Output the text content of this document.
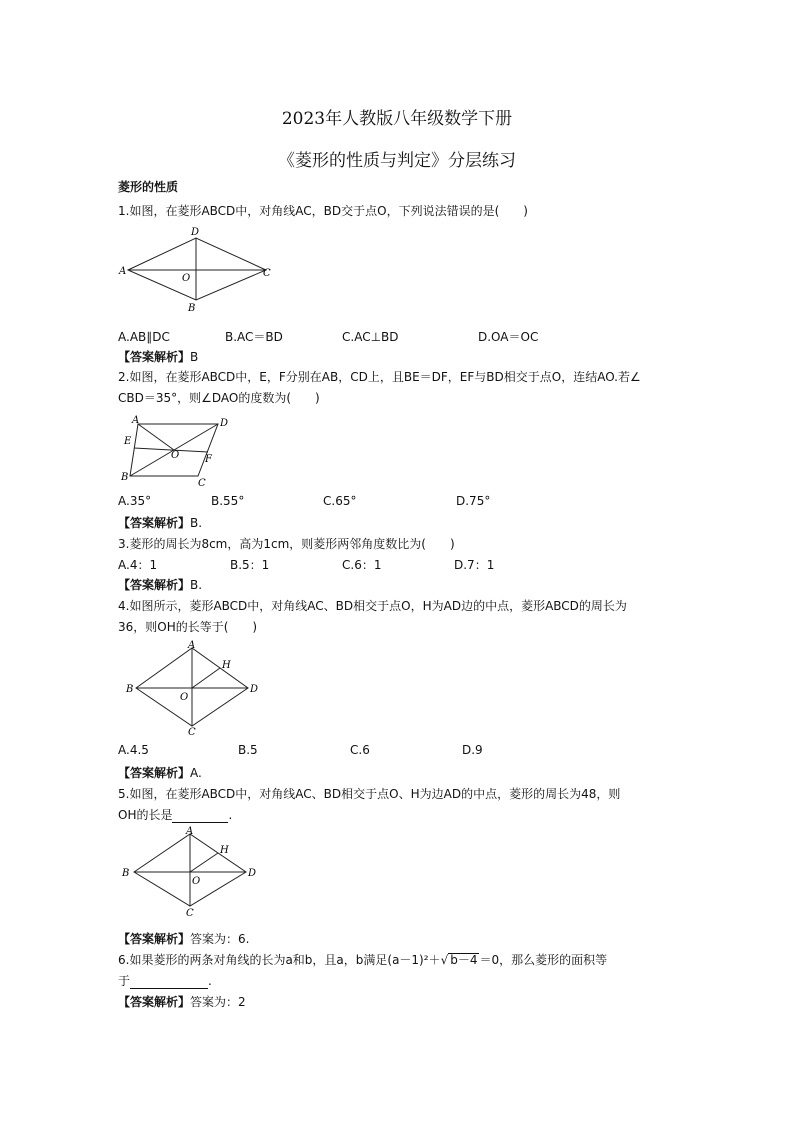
2023年人教版八年级数学下册
《菱形的性质与判定》分层练习
菱形的性质
1.如图，在菱形ABCD中，对角线AC，BD交于点O，下列说法错误的是(　　)
D
A	C
O
B
A.AB∥DC	B.AC＝BD	C.AC⊥BD	D.OA＝OC
【答案解析】B
2.如图，在菱形ABCD中，E，F分别在AB，CD上，且BE＝DF，EF与BD相交于点O，连结AO.若∠
CBD＝35°，则∠DAO的度数为(　　)
A	D
E
O	F
B
C
A.35°	B.55°	C.65°	D.75°
【答案解析】B.
3.菱形的周长为8cm，高为1cm，则菱形两邻角度数比为(　　)
A.4：1	B.5：1	C.6：1	D.7：1
【答案解析】B.
4.如图所示，菱形ABCD中，对角线AC、BD相交于点O，H为AD边的中点，菱形ABCD的周长为
36，则OH的长等于(　　)
A
H
B	D
O
C
A.4.5	B.5	C.6	D.9
【答案解析】A.
5.如图，在菱形ABCD中，对角线AC、BD相交于点O、H为边AD的中点，菱形的周长为48，则
OH的长是	.
A
H
B	D
O
C
【答案解析】答案为：6.
6.如果菱形的两条对角线的长为a和b，且a，b满足(a－1)²＋√ b－4 ＝0，那么菱形的面积等
于	.
【答案解析】答案为：2
